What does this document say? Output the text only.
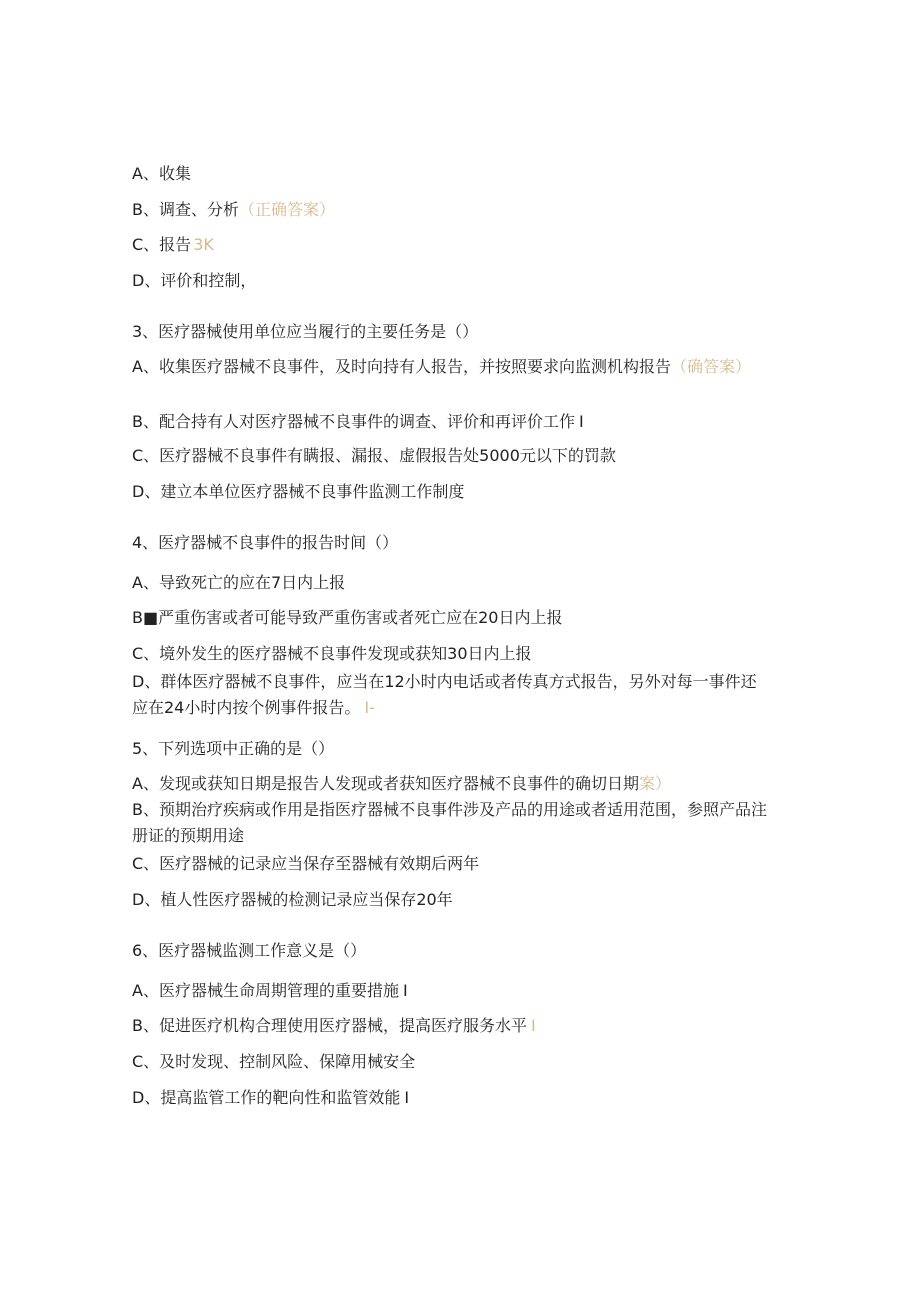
A、收集
B、调查、分析（正确答案）
C、报告 3K
D、评价和控制，
3、医疗器械使用单位应当履行的主要任务是（）
A、收集医疗器械不良事件，及时向持有人报告，并按照要求向监测机构报告（确答案）
B、配合持有人对医疗器械不良事件的调查、评价和再评价工作 I
C、医疗器械不良事件有瞒报、漏报、虚假报告处5000元以下的罚款
D、建立本单位医疗器械不良事件监测工作制度
4、医疗器械不良事件的报告时间（）
A、导致死亡的应在7日内上报
B■严重伤害或者可能导致严重伤害或者死亡应在20日内上报
C、境外发生的医疗器械不良事件发现或获知30日内上报
D、群体医疗器械不良事件，应当在12小时内电话或者传真方式报告，另外对每一事件还应在24小时内按个例事件报告。 I-
5、下列选项中正确的是（）
A、发现或获知日期是报告人发现或者获知医疗器械不良事件的确切日期案）
B、预期治疗疾病或作用是指医疗器械不良事件涉及产品的用途或者适用范围，参照产品注册证的预期用途
C、医疗器械的记录应当保存至器械有效期后两年
D、植人性医疗器械的检测记录应当保存20年
6、医疗器械监测工作意义是（）
A、医疗器械生命周期管理的重要措施 I
B、促进医疗机构合理使用医疗器械，提高医疗服务水平 I
C、及时发现、控制风险、保障用械安全
D、提高监管工作的靶向性和监管效能 I
